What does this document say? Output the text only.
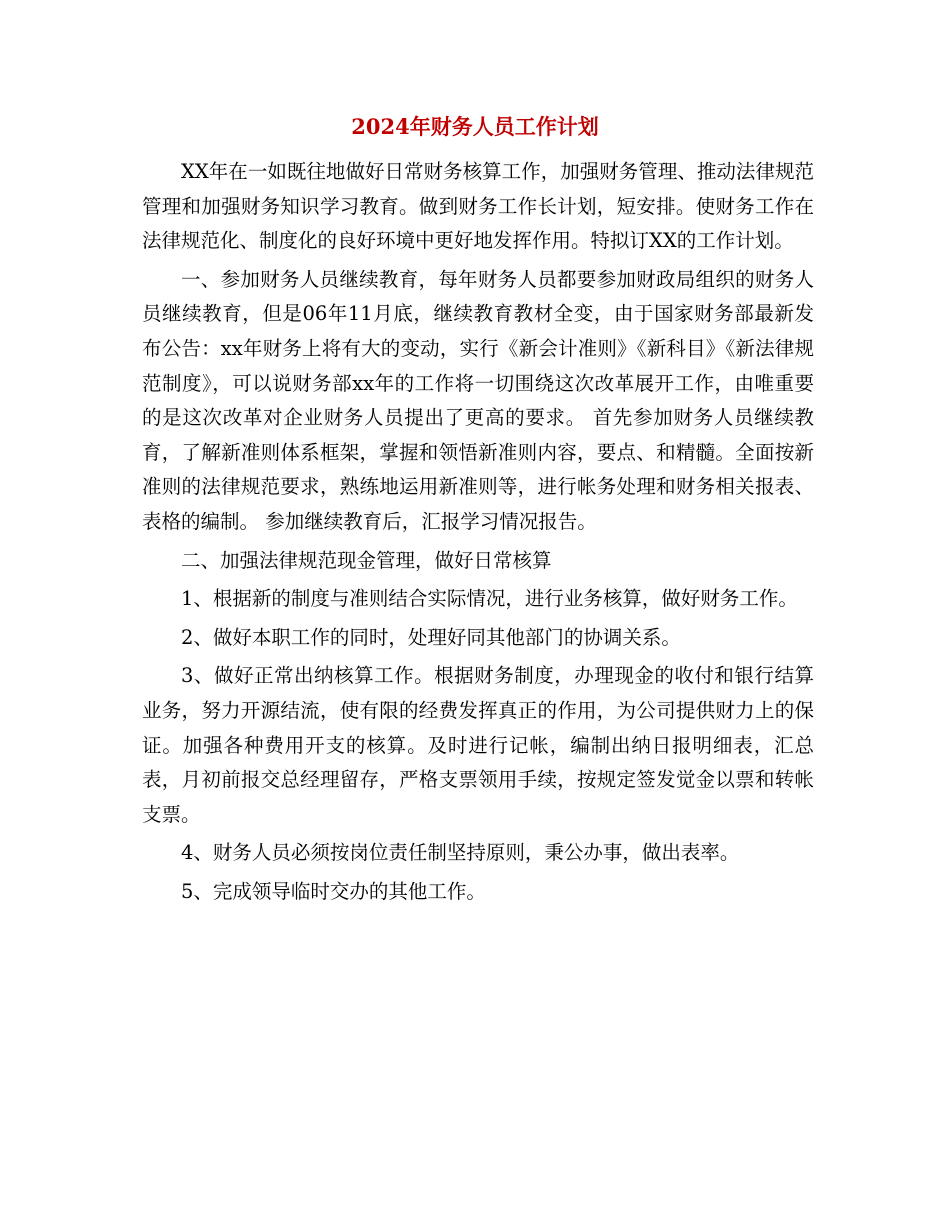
2024年财务人员工作计划

XX年在一如既往地做好日常财务核算工作，加强财务管理、推动法律规范管理和加强财务知识学习教育。做到财务工作长计划，短安排。使财务工作在法律规范化、制度化的良好环境中更好地发挥作用。特拟订XX的工作计划。

一、参加财务人员继续教育，每年财务人员都要参加财政局组织的财务人员继续教育，但是06年11月底，继续教育教材全变，由于国家财务部最新发布公告：xx年财务上将有大的变动，实行《新会计准则》《新科目》《新法律规范制度》，可以说财务部xx年的工作将一切围绕这次改革展开工作，由唯重要的是这次改革对企业财务人员提出了更高的要求。 首先参加财务人员继续教育，了解新准则体系框架，掌握和领悟新准则内容，要点、和精髓。全面按新准则的法律规范要求，熟练地运用新准则等，进行帐务处理和财务相关报表、表格的编制。 参加继续教育后，汇报学习情况报告。

二、加强法律规范现金管理，做好日常核算

1、根据新的制度与准则结合实际情况，进行业务核算，做好财务工作。

2、做好本职工作的同时，处理好同其他部门的协调关系。

3、做好正常出纳核算工作。根据财务制度，办理现金的收付和银行结算业务，努力开源结流，使有限的经费发挥真正的作用，为公司提供财力上的保证。加强各种费用开支的核算。及时进行记帐，编制出纳日报明细表，汇总表，月初前报交总经理留存，严格支票领用手续，按规定签发觉金以票和转帐支票。

4、财务人员必须按岗位责任制坚持原则，秉公办事，做出表率。

5、完成领导临时交办的其他工作。
